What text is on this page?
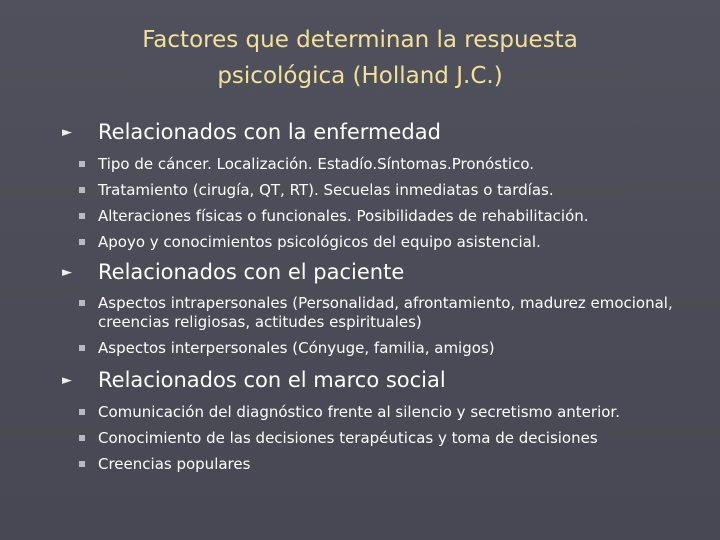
Factores que determinan la respuesta
psicológica (Holland J.C.)
►	Relacionados con la enfermedad
Tipo de cáncer. Localización. Estadío.Síntomas.Pronóstico.
Tratamiento (cirugía, QT, RT). Secuelas inmediatas o tardías.
Alteraciones físicas o funcionales. Posibilidades de rehabilitación.
Apoyo y conocimientos psicológicos del equipo asistencial.
►	Relacionados con el paciente
Aspectos intrapersonales (Personalidad, afrontamiento, madurez emocional, creencias religiosas, actitudes espirituales)
Aspectos interpersonales (Cónyuge, familia, amigos)
►	Relacionados con el marco social
Comunicación del diagnóstico frente al silencio y secretismo anterior.
Conocimiento de las decisiones terapéuticas y toma de decisiones
Creencias populares
